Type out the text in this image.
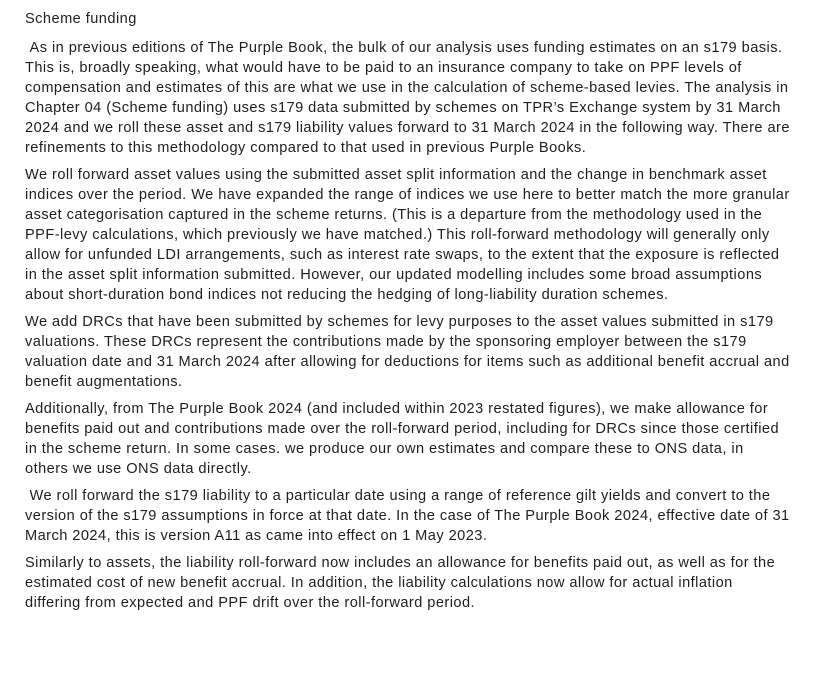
Scheme funding

As in previous editions of The Purple Book, the bulk of our analysis uses funding estimates on an s179 basis. This is, broadly speaking, what would have to be paid to an insurance company to take on PPF levels of compensation and estimates of this are what we use in the calculation of scheme-based levies. The analysis in Chapter 04 (Scheme funding) uses s179 data submitted by schemes on TPR’s Exchange system by 31 March 2024 and we roll these asset and s179 liability values forward to 31 March 2024 in the following way. There are refinements to this methodology compared to that used in previous Purple Books.

We roll forward asset values using the submitted asset split information and the change in benchmark asset indices over the period. We have expanded the range of indices we use here to better match the more granular asset categorisation captured in the scheme returns. (This is a departure from the methodology used in the PPF-levy calculations, which previously we have matched.) This roll-forward methodology will generally only allow for unfunded LDI arrangements, such as interest rate swaps, to the extent that the exposure is reflected in the asset split information submitted. However, our updated modelling includes some broad assumptions about short-duration bond indices not reducing the hedging of long-liability duration schemes.

We add DRCs that have been submitted by schemes for levy purposes to the asset values submitted in s179 valuations. These DRCs represent the contributions made by the sponsoring employer between the s179 valuation date and 31 March 2024 after allowing for deductions for items such as additional benefit accrual and benefit augmentations.

Additionally, from The Purple Book 2024 (and included within 2023 restated figures), we make allowance for benefits paid out and contributions made over the roll-forward period, including for DRCs since those certified in the scheme return. In some cases. we produce our own estimates and compare these to ONS data, in others we use ONS data directly.

We roll forward the s179 liability to a particular date using a range of reference gilt yields and convert to the version of the s179 assumptions in force at that date. In the case of The Purple Book 2024, effective date of 31 March 2024, this is version A11 as came into effect on 1 May 2023.

Similarly to assets, the liability roll-forward now includes an allowance for benefits paid out, as well as for the estimated cost of new benefit accrual. In addition, the liability calculations now allow for actual inflation differing from expected and PPF drift over the roll-forward period.
